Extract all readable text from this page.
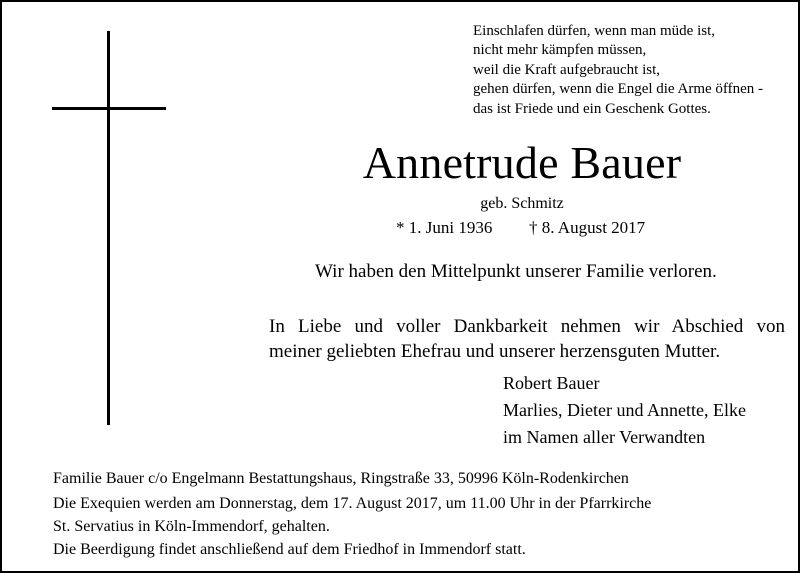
Einschlafen dürfen, wenn man müde ist,
nicht mehr kämpfen müssen,
weil die Kraft aufgebraucht ist,
gehen dürfen, wenn die Engel die Arme öffnen -
das ist Friede und ein Geschenk Gottes.
Annetrude Bauer
geb. Schmitz
* 1. Juni 1936 † 8. August 2017
Wir haben den Mittelpunkt unserer Familie verloren.
In Liebe und voller Dankbarkeit nehmen wir Abschied von
meiner geliebten Ehefrau und unserer herzensguten Mutter.
Robert Bauer
Marlies, Dieter und Annette, Elke
im Namen aller Verwandten
Familie Bauer c/o Engelmann Bestattungshaus, Ringstraße 33, 50996 Köln-Rodenkirchen
Die Exequien werden am Donnerstag, dem 17. August 2017, um 11.00 Uhr in der Pfarrkirche
St. Servatius in Köln-Immendorf, gehalten.
Die Beerdigung findet anschließend auf dem Friedhof in Immendorf statt.
